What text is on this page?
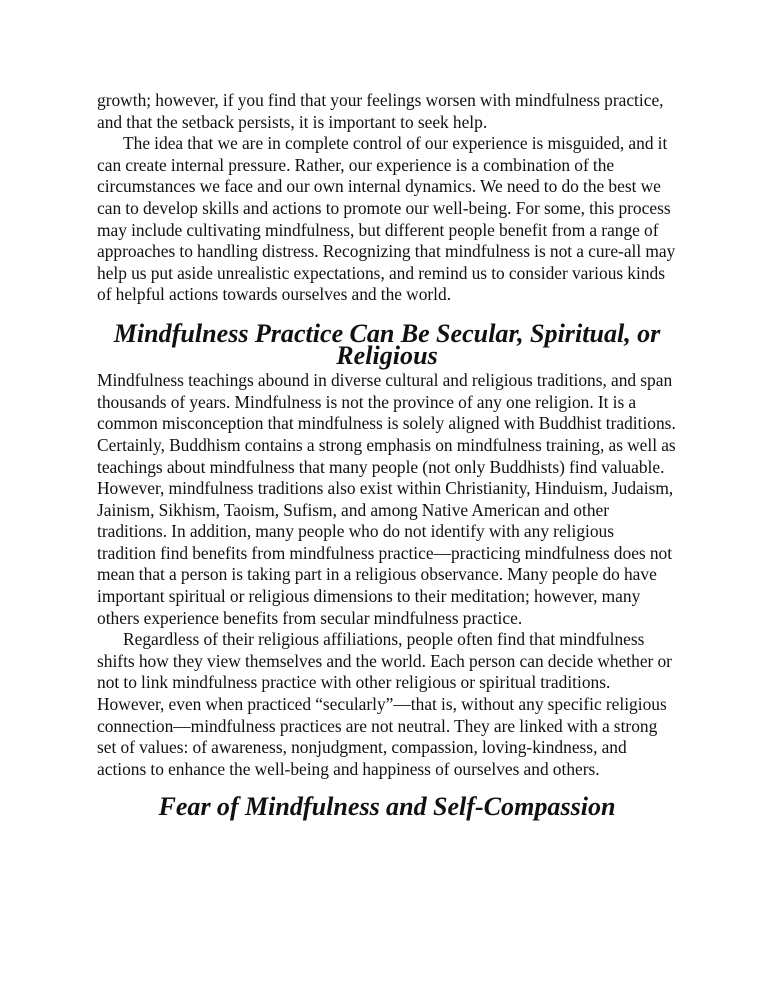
growth; however, if you find that your feelings worsen with mindfulness practice, and that the setback persists, it is important to seek help.

The idea that we are in complete control of our experience is misguided, and it can create internal pressure. Rather, our experience is a combination of the circumstances we face and our own internal dynamics. We need to do the best we can to develop skills and actions to promote our well-being. For some, this process may include cultivating mindfulness, but different people benefit from a range of approaches to handling distress. Recognizing that mindfulness is not a cure-all may help us put aside unrealistic expectations, and remind us to consider various kinds of helpful actions towards ourselves and the world.

Mindfulness Practice Can Be Secular, Spiritual, or Religious

Mindfulness teachings abound in diverse cultural and religious traditions, and span thousands of years. Mindfulness is not the province of any one religion. It is a common misconception that mindfulness is solely aligned with Buddhist traditions. Certainly, Buddhism contains a strong emphasis on mindfulness training, as well as teachings about mindfulness that many people (not only Buddhists) find valuable. However, mindfulness traditions also exist within Christianity, Hinduism, Judaism, Jainism, Sikhism, Taoism, Sufism, and among Native American and other traditions. In addition, many people who do not identify with any religious tradition find benefits from mindfulness practice—practicing mindfulness does not mean that a person is taking part in a religious observance. Many people do have important spiritual or religious dimensions to their meditation; however, many others experience benefits from secular mindfulness practice.

Regardless of their religious affiliations, people often find that mindfulness shifts how they view themselves and the world. Each person can decide whether or not to link mindfulness practice with other religious or spiritual traditions. However, even when practiced “secularly”—that is, without any specific religious connection—mindfulness practices are not neutral. They are linked with a strong set of values: of awareness, nonjudgment, compassion, loving-kindness, and actions to enhance the well-being and happiness of ourselves and others.

Fear of Mindfulness and Self-Compassion
